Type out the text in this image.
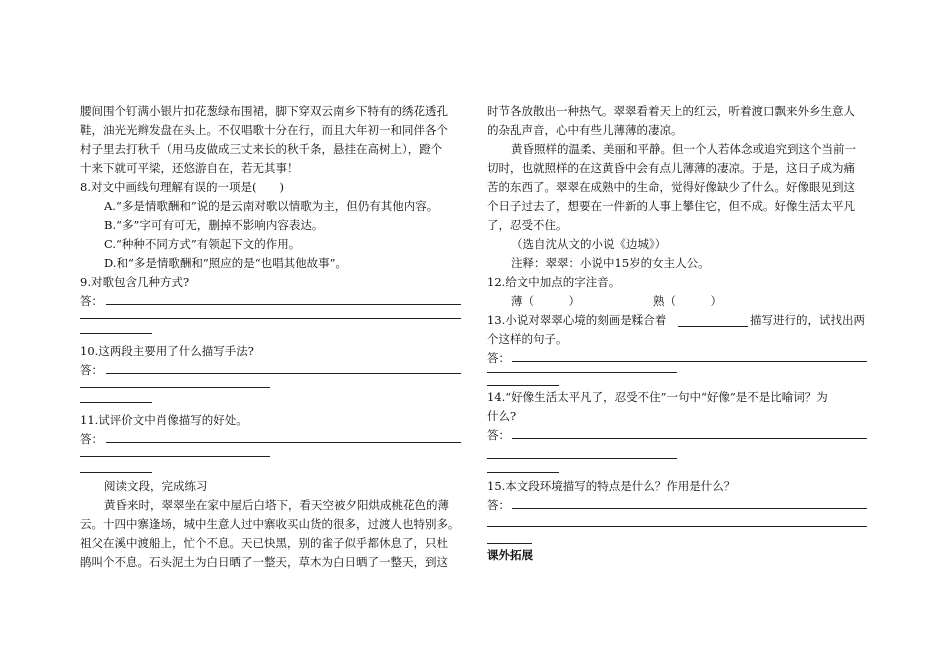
腰间围个钉满小银片扣花葱绿布围裙，脚下穿双云南乡下特有的绣花透孔
鞋，油光光辫发盘在头上。不仅唱歌十分在行，而且大年初一和同伴各个
村子里去打秋千（用马皮做成三丈来长的秋千条，悬挂在高树上），蹬个
十来下就可平梁，还悠游自在，若无其事！
8.对文中画线句理解有误的一项是(　　)
A.“多是情歌酬和”说的是云南对歌以情歌为主，但仍有其他内容。
B.“多”字可有可无，删掉不影响内容表达。
C.“种种不同方式”有领起下文的作用。
D.和“多是情歌酬和”照应的是“也唱其他故事”。
9.对歌包含几种方式?
答：
10.这两段主要用了什么描写手法?
答：
11.试评价文中肖像描写的好处。
答：
阅读文段，完成练习
黄昏来时，翠翠坐在家中屋后白塔下，看天空被夕阳烘成桃花色的薄
云。十四中寨逢场，城中生意人过中寨收买山货的很多，过渡人也特别多。
祖父在溪中渡船上，忙个不息。天已快黑，别的雀子似乎都休息了，只杜
鹃叫个不息。石头泥土为白日晒了一整天，草木为白日晒了一整天，到这
时节各放散出一种热气。翠翠看着天上的红云，听着渡口飘来外乡生意人
的杂乱声音，心中有些儿薄薄的凄凉。
黄昏照样的温柔、美丽和平静。但一个人若体念或追究到这个当前一
切时，也就照样的在这黄昏中会有点儿薄薄的凄凉。于是，这日子成为痛
苦的东西了。翠翠在成熟中的生命，觉得好像缺少了什么。好像眼见到这
个日子过去了，想要在一件新的人事上攀住它，但不成。好像生活太平凡
了，忍受不住。
（选自沈从文的小说《边城》）
注释：翠翠：小说中15岁的女主人公。
12.给文中加点的字注音。
薄（　　　）	熟（　　　）
13.小说对翠翠心境的刻画是糅合着	描写进行的，试找出两
个这样的句子。
答：
14.“好像生活太平凡了，忍受不住”一句中“好像”是不是比喻词？为
什么?
答：
15.本文段环境描写的特点是什么？作用是什么？
答：
课外拓展
